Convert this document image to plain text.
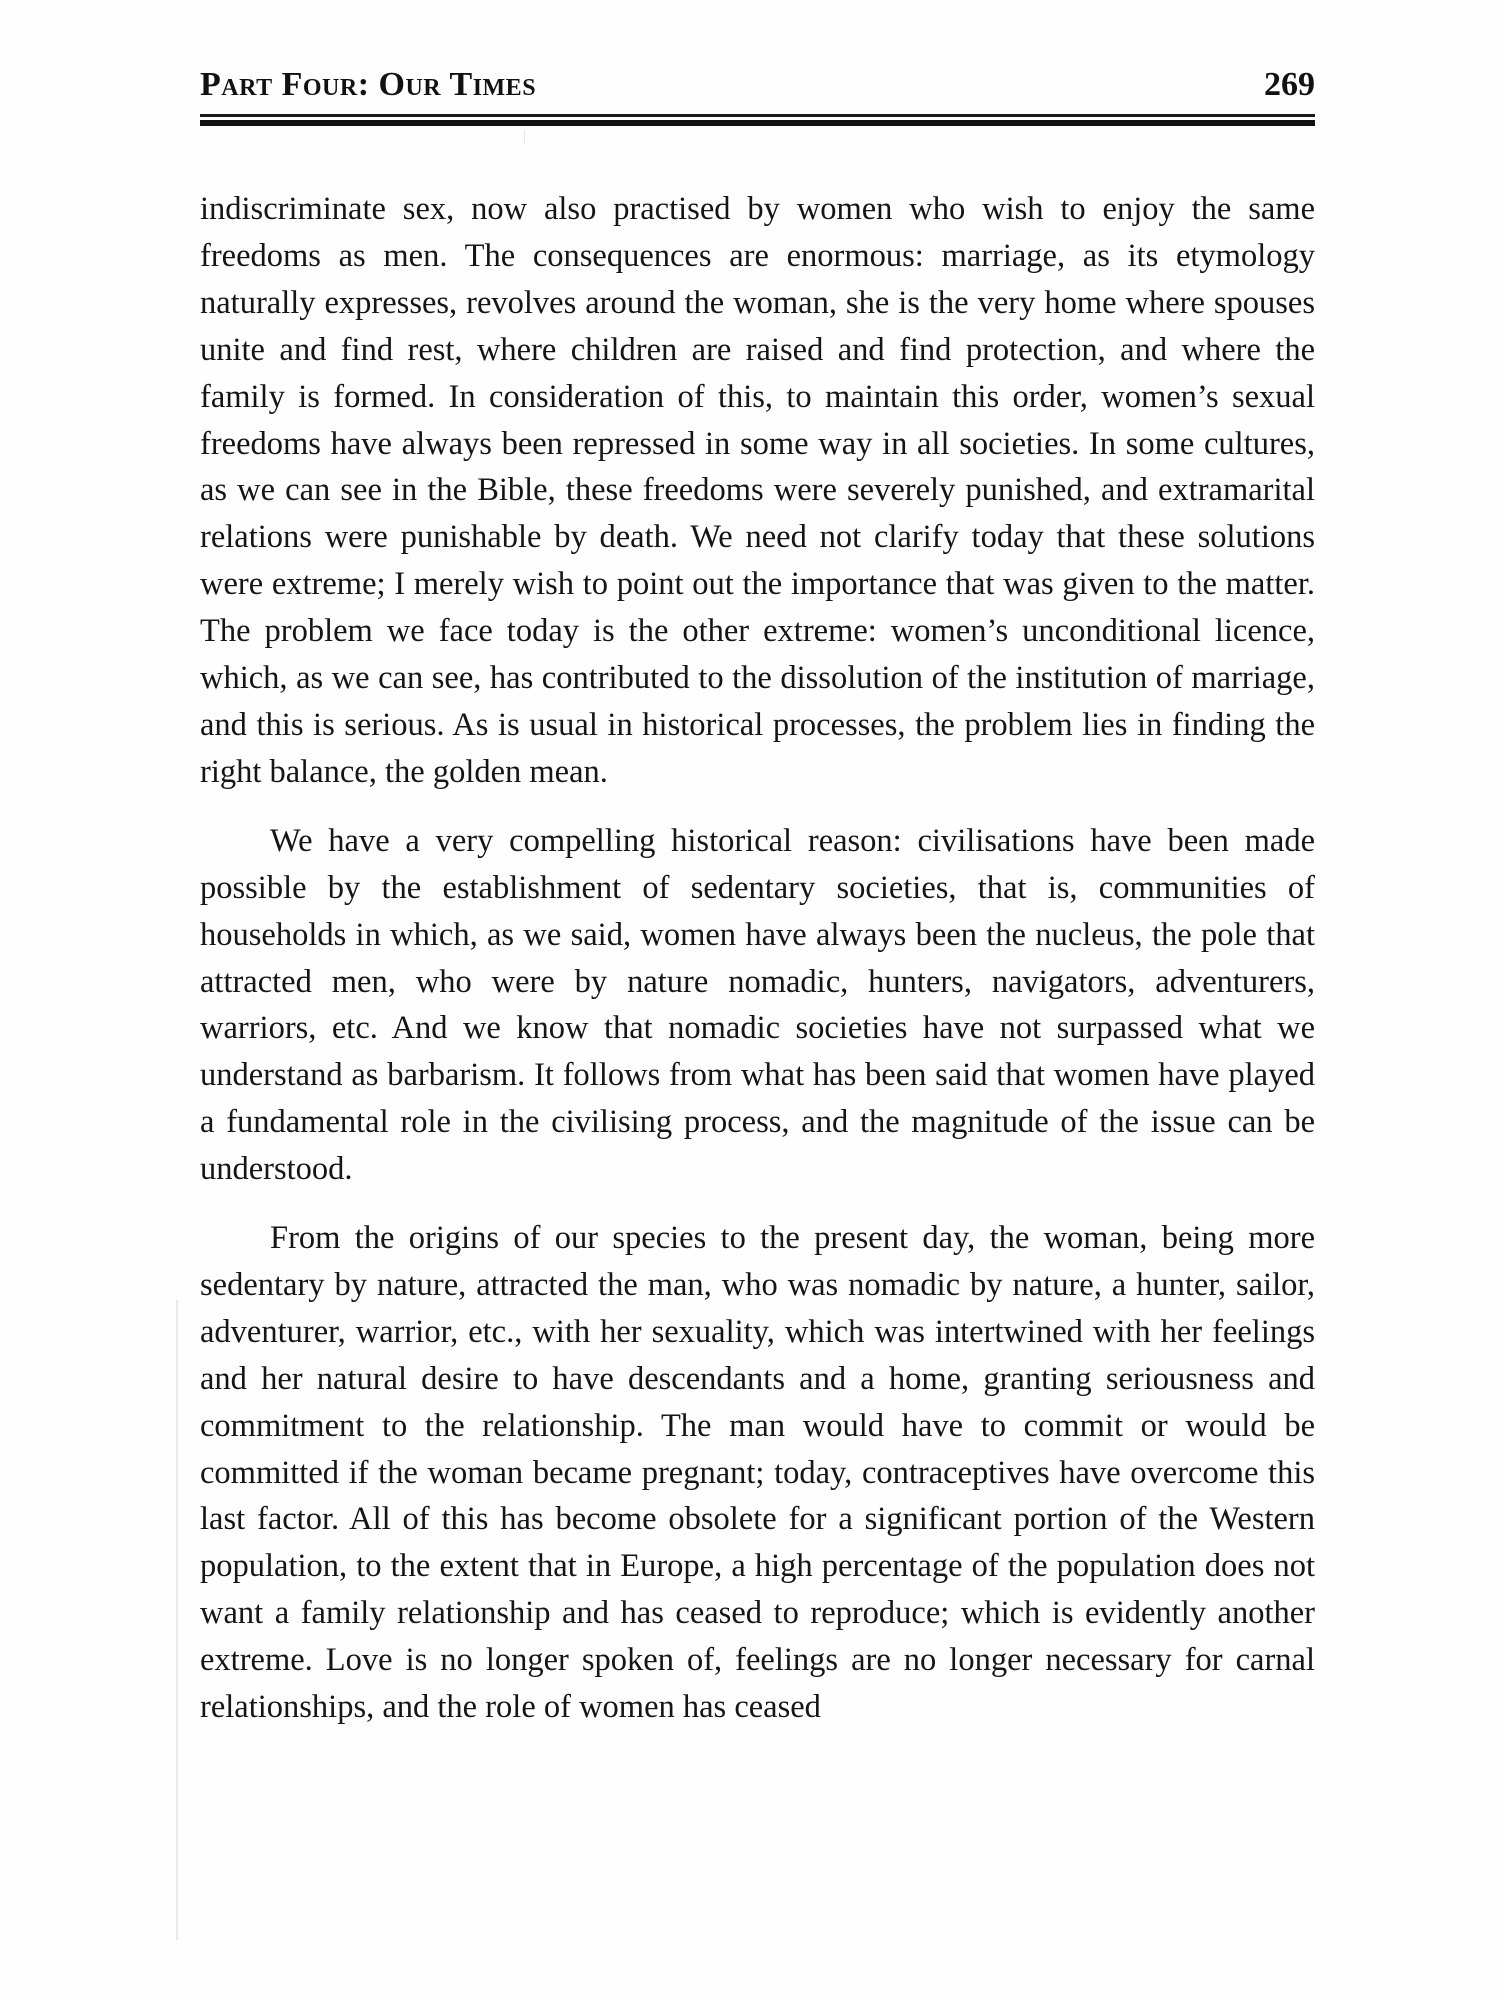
Part Four: Our Times	269

indiscriminate sex, now also practised by women who wish to enjoy the same freedoms as men. The consequences are enormous: marriage, as its etymology naturally expresses, revolves around the woman, she is the very home where spouses unite and find rest, where children are raised and find protection, and where the family is formed. In consideration of this, to maintain this order, women’s sexual freedoms have always been repressed in some way in all societies. In some cultures, as we can see in the Bible, these freedoms were severely punished, and extramarital relations were punishable by death. We need not clarify today that these solutions were extreme; I merely wish to point out the importance that was given to the matter. The problem we face today is the other extreme: women’s unconditional licence, which, as we can see, has contributed to the dissolution of the institution of marriage, and this is serious. As is usual in historical processes, the problem lies in finding the right balance, the golden mean.

We have a very compelling historical reason: civilisations have been made possible by the establishment of sedentary societies, that is, communities of households in which, as we said, women have always been the nucleus, the pole that attracted men, who were by nature nomadic, hunters, navigators, adventurers, warriors, etc. And we know that nomadic societies have not surpassed what we understand as barbarism. It follows from what has been said that women have played a fundamental role in the civilising process, and the magnitude of the issue can be understood.

From the origins of our species to the present day, the woman, being more sedentary by nature, attracted the man, who was nomadic by nature, a hunter, sailor, adventurer, warrior, etc., with her sexuality, which was intertwined with her feelings and her natural desire to have descendants and a home, granting seriousness and commitment to the relationship. The man would have to commit or would be committed if the woman became pregnant; today, contraceptives have overcome this last factor. All of this has become obsolete for a significant portion of the Western population, to the extent that in Europe, a high percentage of the population does not want a family relationship and has ceased to reproduce; which is evidently another extreme. Love is no longer spoken of, feelings are no longer necessary for carnal relationships, and the role of women has ceased
